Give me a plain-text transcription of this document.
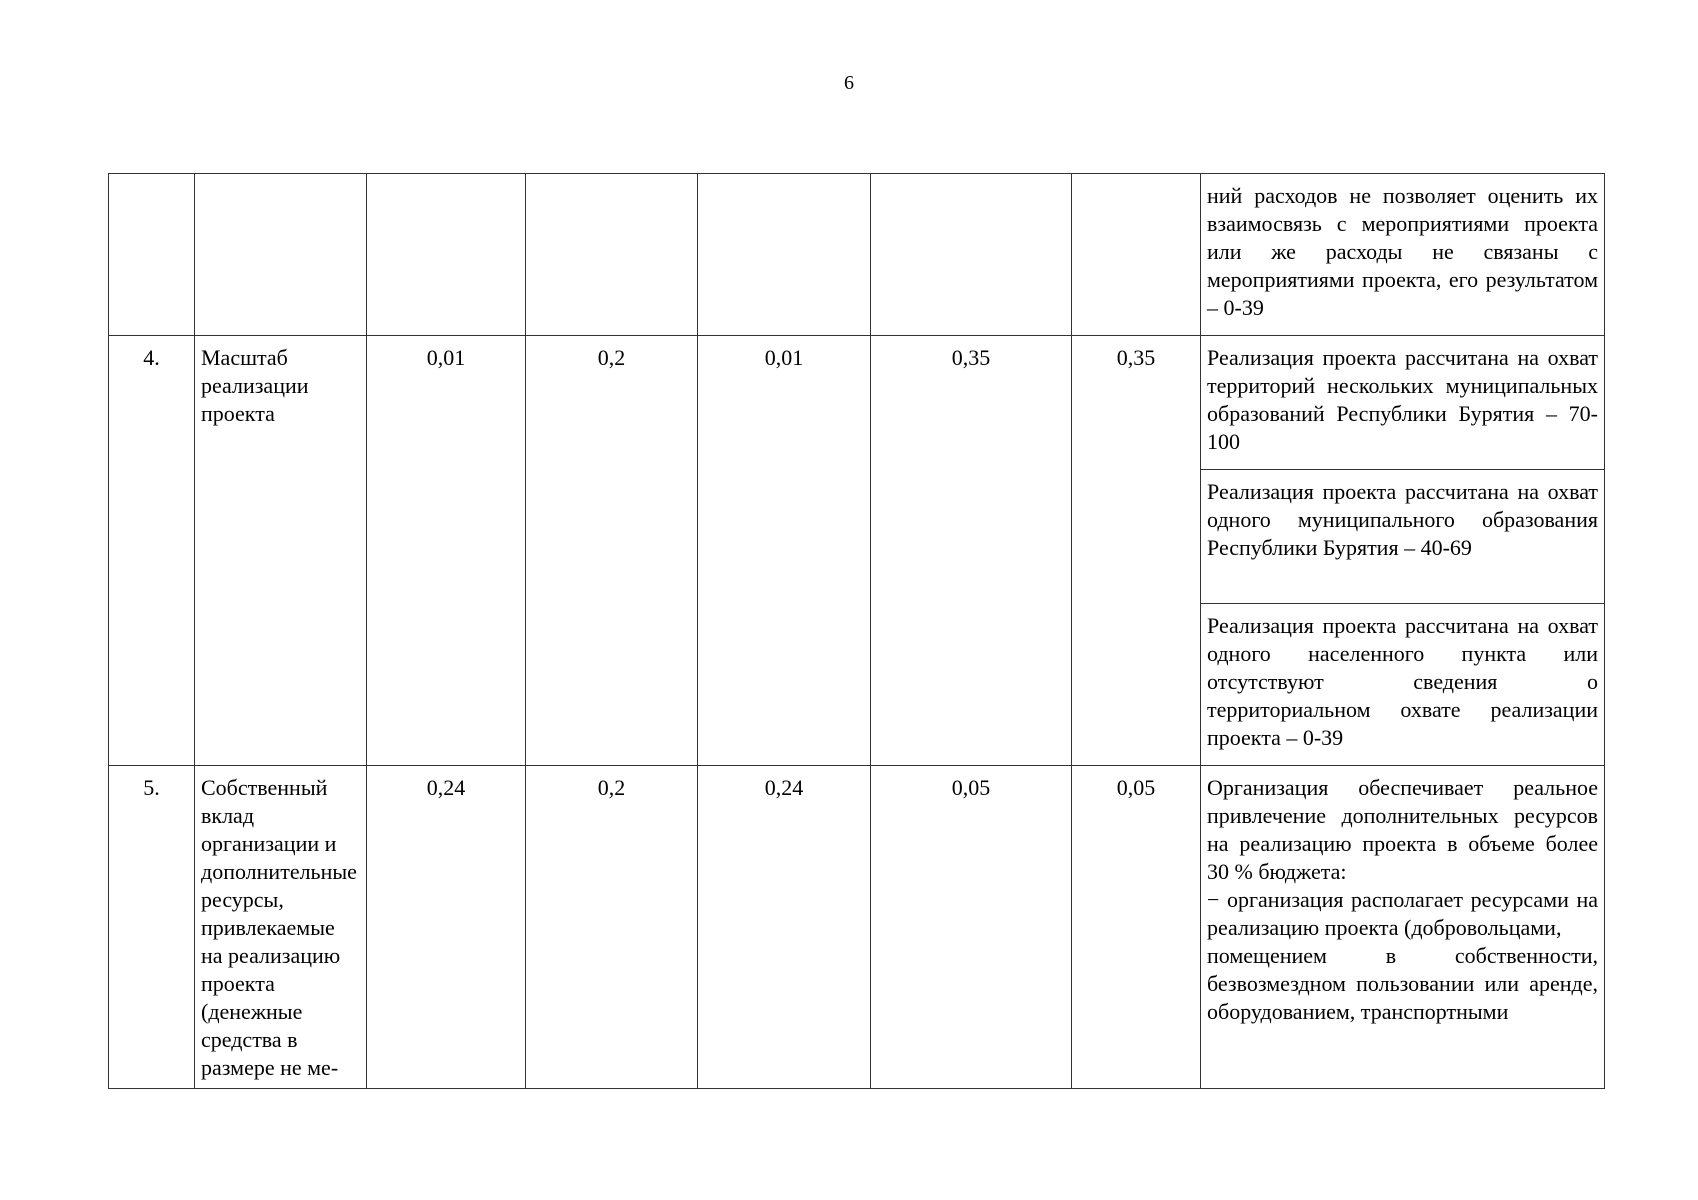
6
							ний расходов не позволяет оценить их взаимосвязь с мероприятиями проекта или же расходы не связаны с мероприятиями проекта, его результатом – 0-39
4.	Масштаб реализации проекта	0,01	0,2	0,01	0,35	0,35	Реализация проекта рассчитана на охват территорий нескольких муниципальных образований Республики Бурятия – 70-100
							Реализация проекта рассчитана на охват одного муниципального образования Республики Бурятия – 40-69
							Реализация проекта рассчитана на охват одного населенного пункта или отсутствуют сведения о территориальном охвате реализации проекта – 0-39
5.	Собственный вклад организации и дополнительные ресурсы, привлекаемые на реализацию проекта (денежные средства в размере не ме-	0,24	0,2	0,24	0,05	0,05	Организация обеспечивает реальное привлечение дополнительных ресурсов на реализацию проекта в объеме более 30 % бюджета:
− организация располагает ресурсами на реализацию проекта (добровольцами,
помещением в собственности, безвозмездном пользовании или аренде, оборудованием, транспортными
